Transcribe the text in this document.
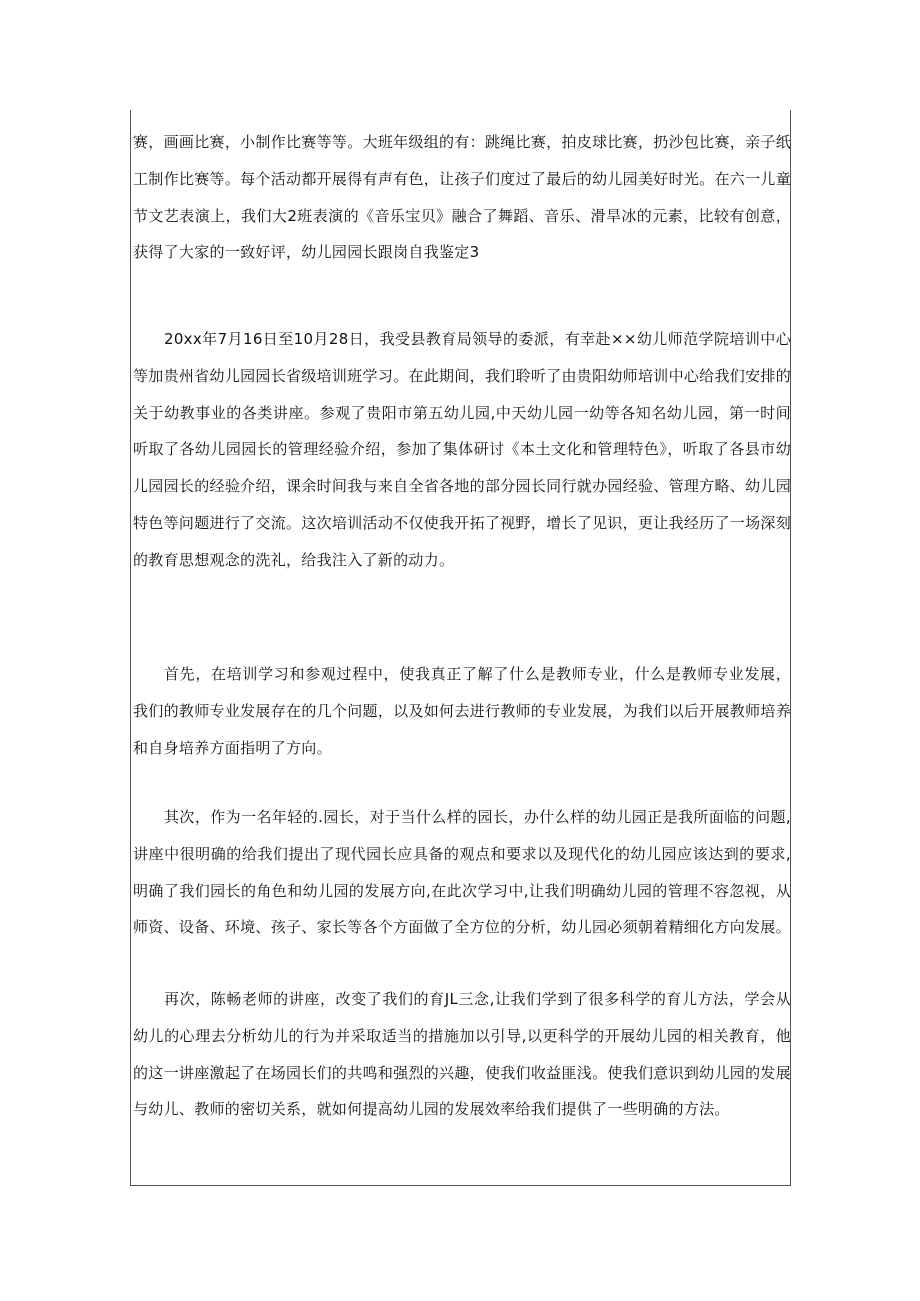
赛，画画比赛，小制作比赛等等。大班年级组的有：跳绳比赛，拍皮球比赛，扔沙包比赛，亲子纸工制作比赛等。每个活动都开展得有声有色，让孩子们度过了最后的幼儿园美好时光。在六一儿童节文艺表演上，我们大2班表演的《音乐宝贝》融合了舞蹈、音乐、滑旱冰的元素，比较有创意，获得了大家的一致好评，幼儿园园长跟岗自我鉴定3

20xx年7月16日至10月28日，我受县教育局领导的委派，有幸赴××幼儿师范学院培训中心等加贵州省幼儿园园长省级培训班学习。在此期间，我们聆听了由贵阳幼师培训中心给我们安排的关于幼教事业的各类讲座。参观了贵阳市第五幼儿园,中天幼儿园一幼等各知名幼儿园，第一时间听取了各幼儿园园长的管理经验介绍，参加了集体研讨《本土文化和管理特色》，听取了各县市幼儿园园长的经验介绍，课余时间我与来自全省各地的部分园长同行就办园经验、管理方略、幼儿园特色等问题进行了交流。这次培训活动不仅使我开拓了视野，增长了见识，更让我经历了一场深刻的教育思想观念的洗礼，给我注入了新的动力。

首先，在培训学习和参观过程中，使我真正了解了什么是教师专业，什么是教师专业发展，我们的教师专业发展存在的几个问题，以及如何去进行教师的专业发展，为我们以后开展教师培养和自身培养方面指明了方向。

其次，作为一名年轻的.园长，对于当什么样的园长，办什么样的幼儿园正是我所面临的问题,讲座中很明确的给我们提出了现代园长应具备的观点和要求以及现代化的幼儿园应该达到的要求,明确了我们园长的角色和幼儿园的发展方向,在此次学习中,让我们明确幼儿园的管理不容忽视，从师资、设备、环境、孩子、家长等各个方面做了全方位的分析，幼儿园必须朝着精细化方向发展。

再次，陈畅老师的讲座，改变了我们的育JL三念,让我们学到了很多科学的育儿方法，学会从幼儿的心理去分析幼儿的行为并采取适当的措施加以引导,以更科学的开展幼儿园的相关教育，他的这一讲座激起了在场园长们的共鸣和强烈的兴趣，使我们收益匪浅。使我们意识到幼儿园的发展与幼儿、教师的密切关系，就如何提高幼儿园的发展效率给我们提供了一些明确的方法。
